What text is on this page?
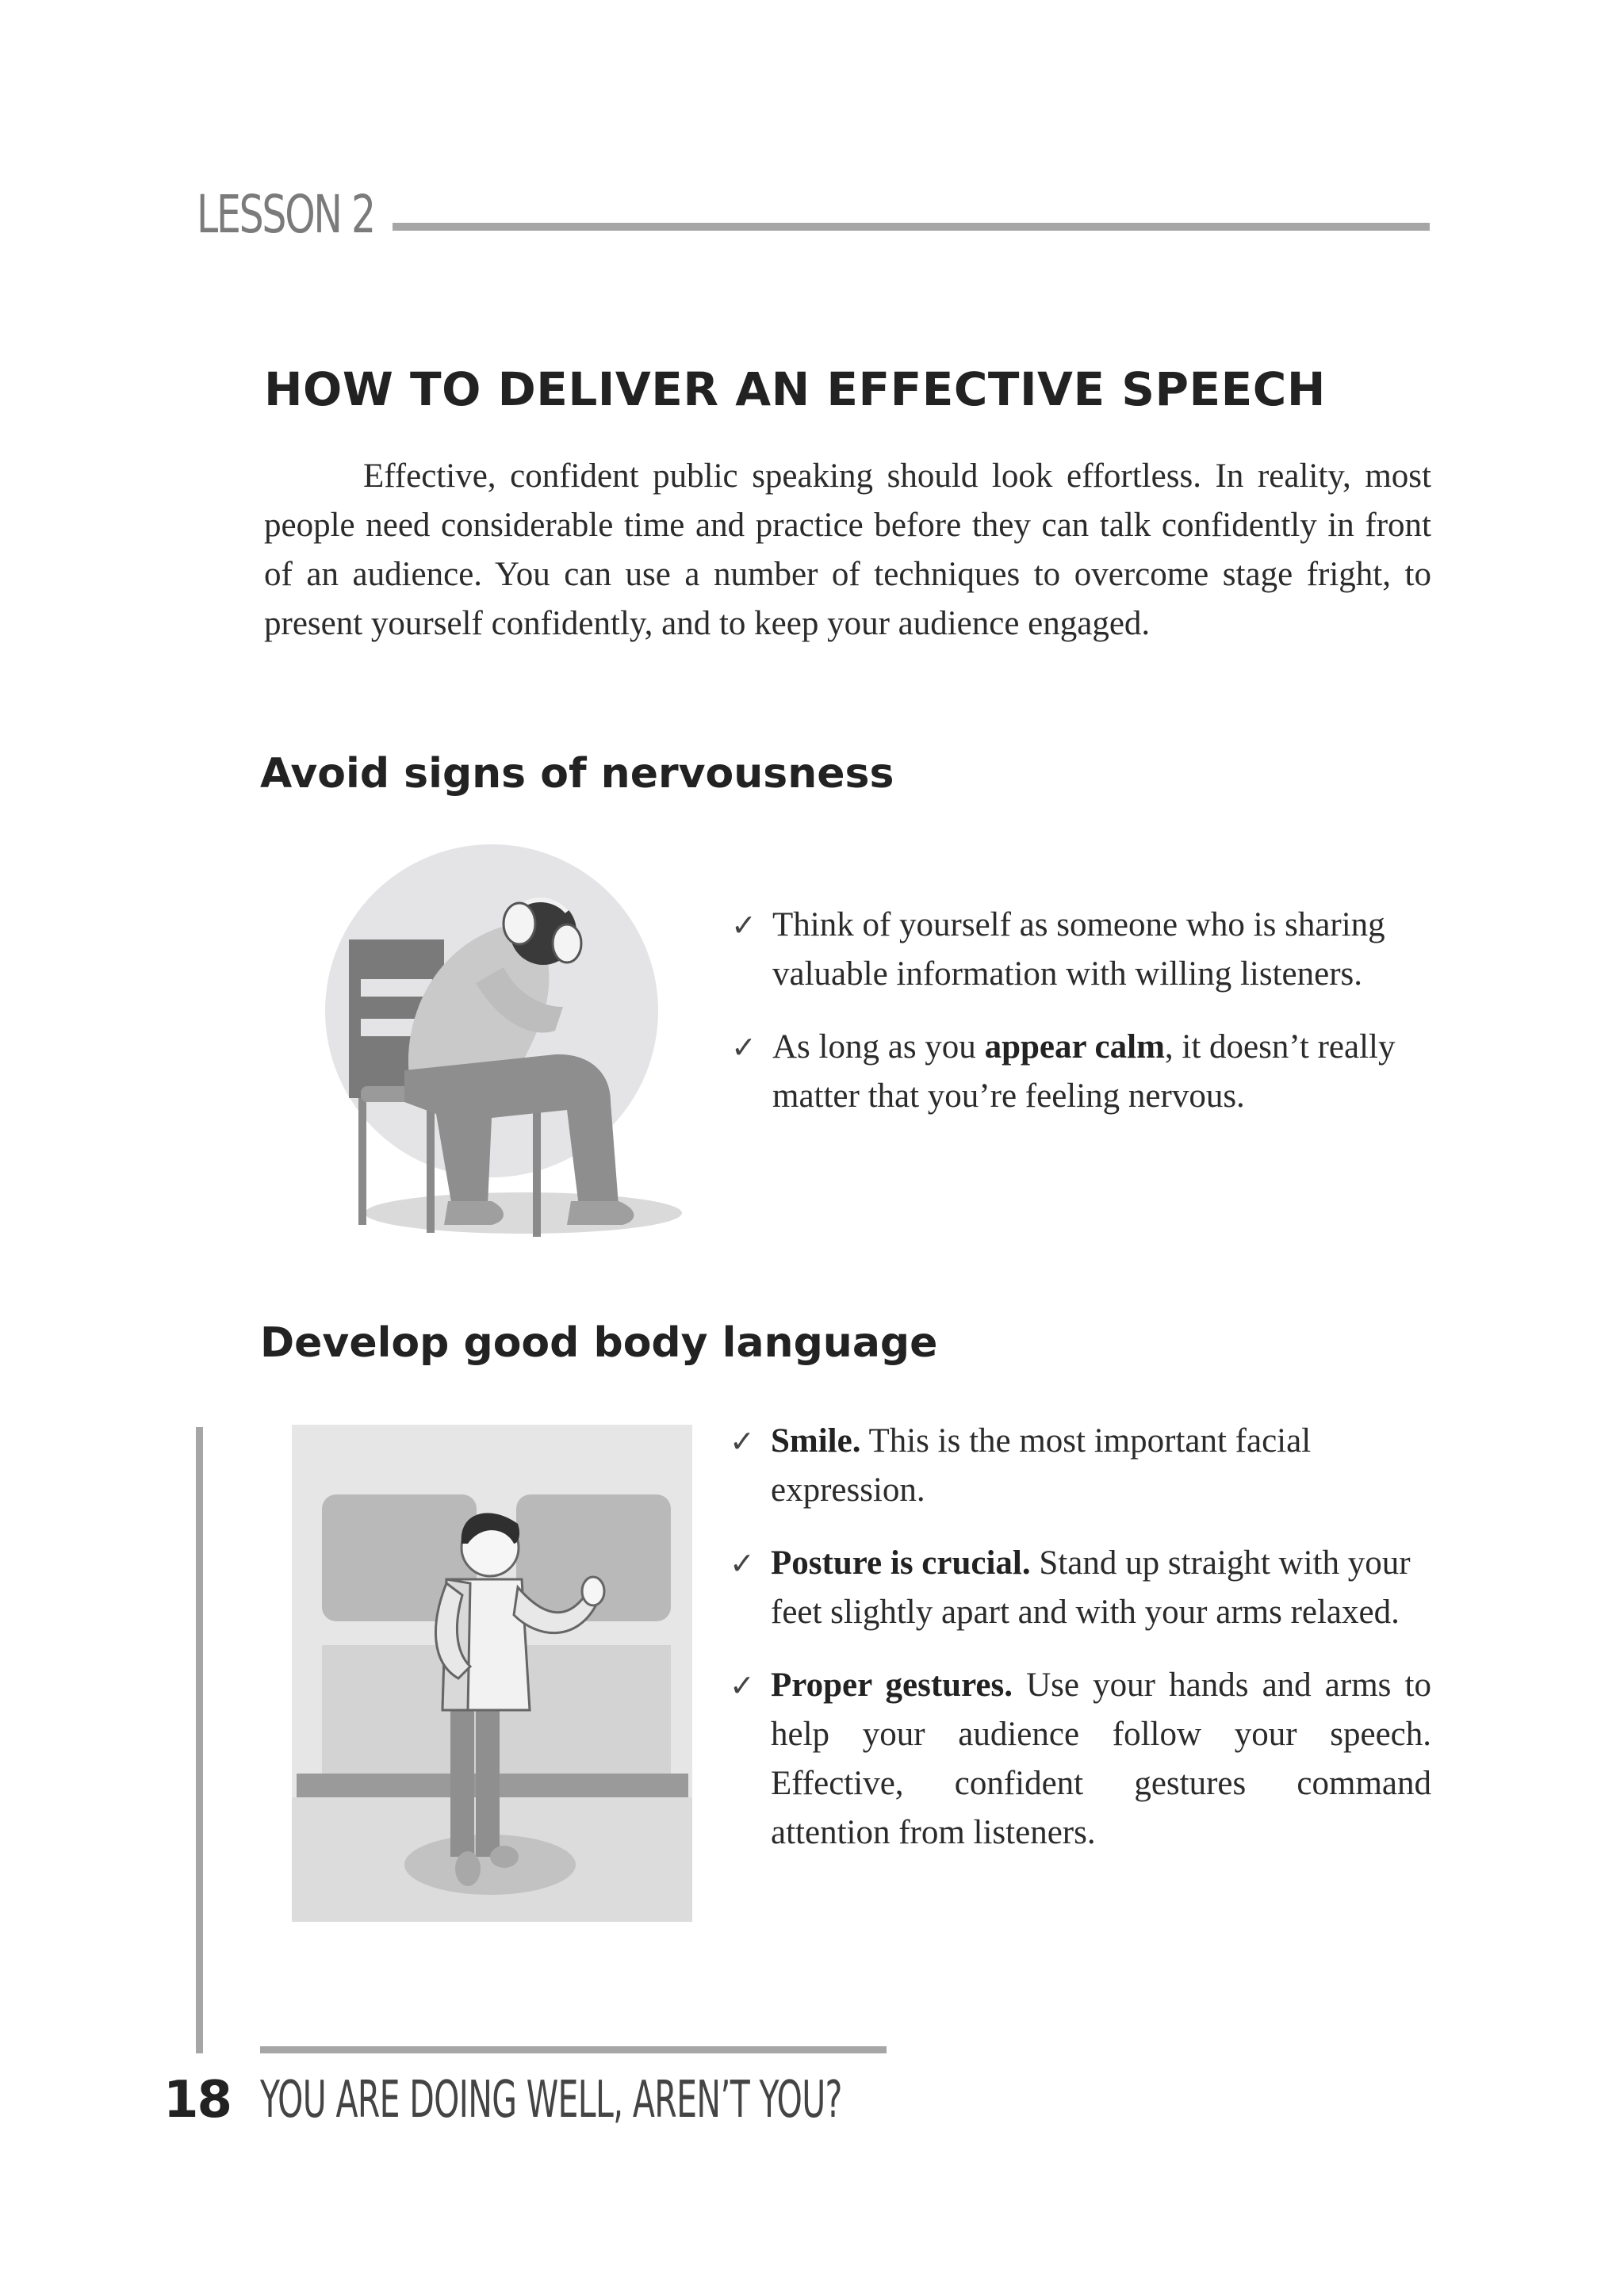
LESSON 2
HOW TO DELIVER AN EFFECTIVE SPEECH

Effective, confident public speaking should look effortless. In reality, most people need considerable time and practice before they can talk confidently in front of an audience. You can use a number of techniques to overcome stage fright, to present yourself confidently, and to keep your audience engaged.

Avoid signs of nervousness
✓ Think of yourself as someone who is sharing valuable information with willing listeners.
✓ As long as you appear calm, it doesn’t really matter that you’re feeling nervous.
Develop good body language
✓ Smile. This is the most important facial expression.
✓ Posture is crucial. Stand up straight with your feet slightly apart and with your arms relaxed.
✓ Proper gestures. Use your hands and arms to help your audience follow your speech. Effective, confident gestures command attention from listeners.
18 YOU ARE DOING WELL, AREN’T YOU?
